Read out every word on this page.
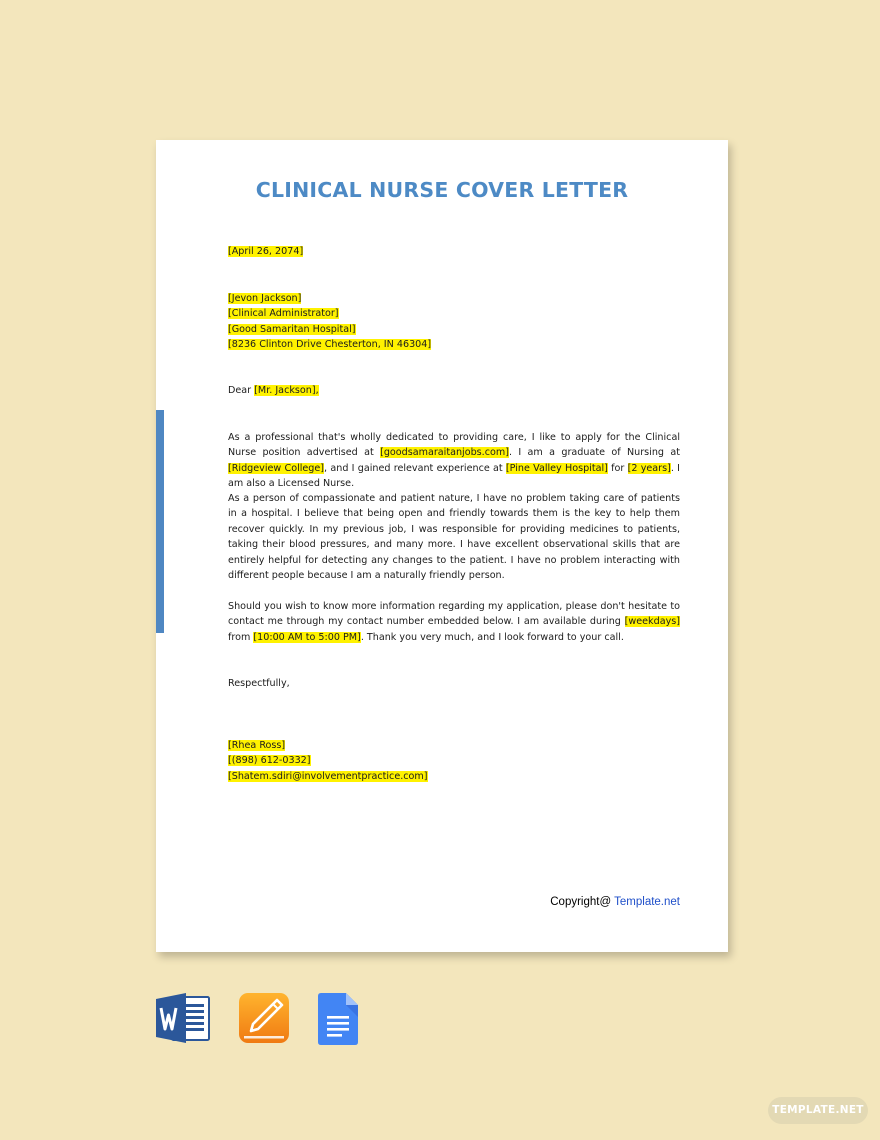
CLINICAL NURSE COVER LETTER
[April 26, 2074]
[Jevon Jackson]
[Clinical Administrator]
[Good Samaritan Hospital]
[8236 Clinton Drive Chesterton, IN 46304]
Dear [Mr. Jackson],

As a professional that's wholly dedicated to providing care, I like to apply for the Clinical Nurse position advertised at [goodsamaraitanjobs.com]. I am a graduate of Nursing at [Ridgeview College], and I gained relevant experience at [Pine Valley Hospital] for [2 years]. I am also a Licensed Nurse.

As a person of compassionate and patient nature, I have no problem taking care of patients in a hospital. I believe that being open and friendly towards them is the key to help them recover quickly. In my previous job, I was responsible for providing medicines to patients, taking their blood pressures, and many more. I have excellent observational skills that are entirely helpful for detecting any changes to the patient. I have no problem interacting with different people because I am a naturally friendly person.

Should you wish to know more information regarding my application, please don't hesitate to contact me through my contact number embedded below. I am available during [weekdays] from [10:00 AM to 5:00 PM]. Thank you very much, and I look forward to your call.

Respectfully,
[Rhea Ross]
[(898) 612-0332]
[Shatem.sdiri@involvementpractice.com]
Copyright@ Template.net
TEMPLATE.NET
